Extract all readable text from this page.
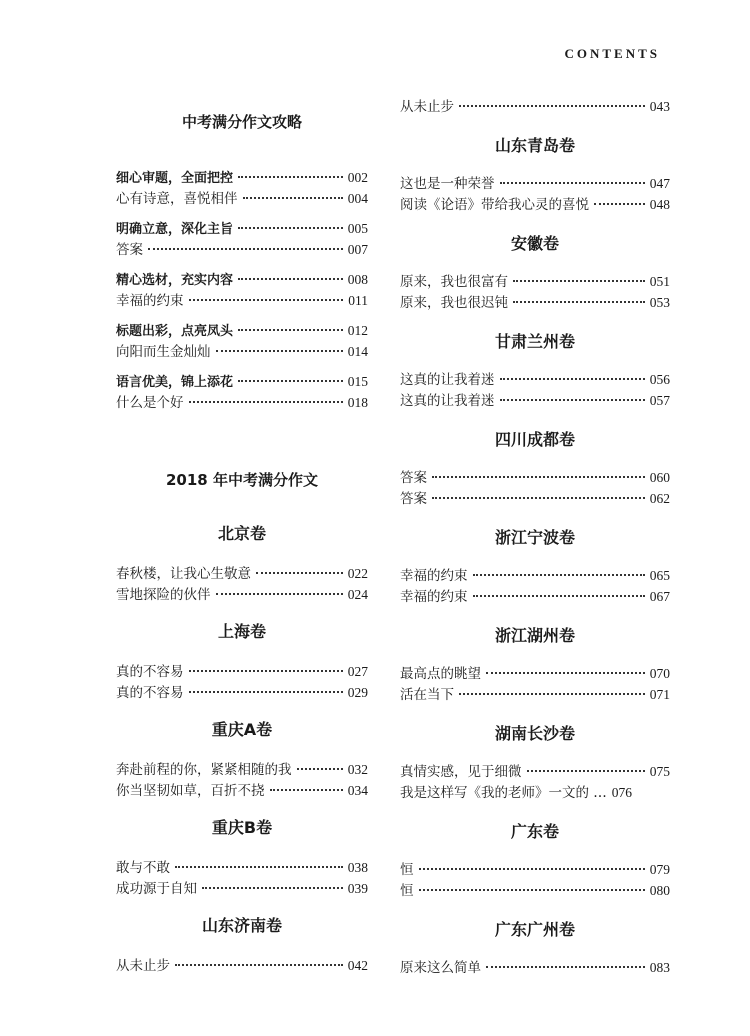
CONTENTS
中考满分作文攻略
细心审题，全面把控	002
心有诗意，喜悦相伴	004
明确立意，深化主旨	005
答案	007
精心选材，充实内容	008
幸福的约束	011
标题出彩，点亮凤头	012
向阳而生金灿灿	014
语言优美，锦上添花	015
什么是个好	018
2018 年中考满分作文
北京卷
春秋楼，让我心生敬意	022
雪地探险的伙伴	024
上海卷
真的不容易	027
真的不容易	029
重庆A卷
奔赴前程的你，紧紧相随的我	032
你当坚韧如草，百折不挠	034
重庆B卷
敢与不敢	038
成功源于自知	039
山东济南卷
从未止步	042
从未止步	043
山东青岛卷
这也是一种荣誉	047
阅读《论语》带给我心灵的喜悦	048
安徽卷
原来，我也很富有	051
原来，我也很迟钝	053
甘肃兰州卷
这真的让我着迷	056
这真的让我着迷	057
四川成都卷
答案	060
答案	062
浙江宁波卷
幸福的约束	065
幸福的约束	067
浙江湖州卷
最高点的眺望	070
活在当下	071
湖南长沙卷
真情实感，见于细微	075
我是这样写《我的老师》一文的 … 076
广东卷
恒	079
恒	080
广东广州卷
原来这么简单	083
